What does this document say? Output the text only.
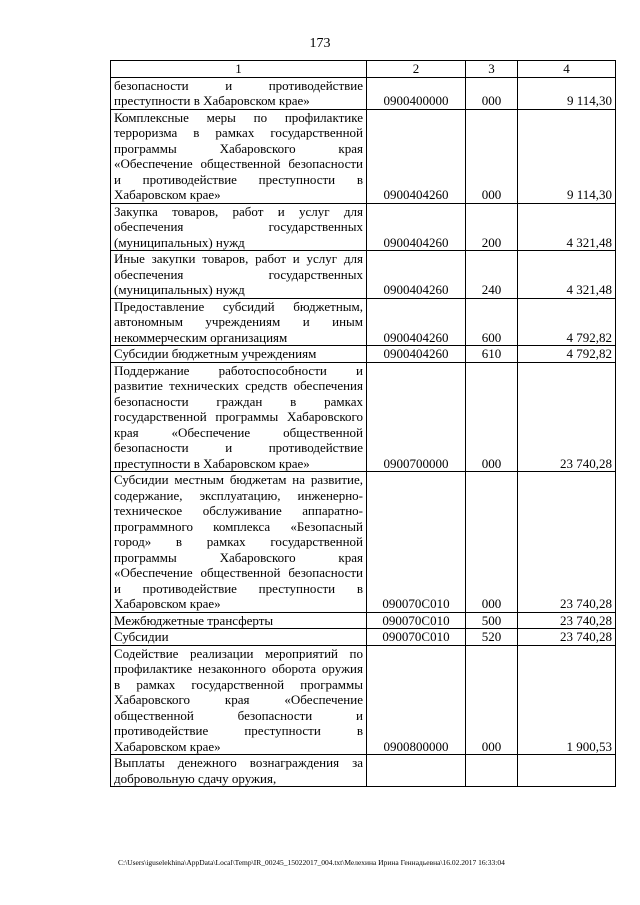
173
1	2	3	4
безопасности и противодействие преступности в Хабаровском крае»	0900400000	000	9 114,30
Комплексные меры по профилактике терроризма в рамках государственной программы Хабаровского края «Обеспечение общественной безопасности и противодействие преступности в Хабаровском крае»	0900404260	000	9 114,30
Закупка товаров, работ и услуг для обеспечения государственных (муниципальных) нужд	0900404260	200	4 321,48
Иные закупки товаров, работ и услуг для обеспечения государственных (муниципальных) нужд	0900404260	240	4 321,48
Предоставление субсидий бюджетным, автономным учреждениям и иным некоммерческим организациям	0900404260	600	4 792,82
Субсидии бюджетным учреждениям	0900404260	610	4 792,82
Поддержание работоспособности и развитие технических средств обеспечения безопасности граждан в рамках государственной программы Хабаровского края «Обеспечение общественной безопасности и противодействие преступности в Хабаровском крае»	0900700000	000	23 740,28
Субсидии местным бюджетам на развитие, содержание, эксплуатацию, инженерно-техническое обслуживание аппаратно-программного комплекса «Безопасный город» в рамках государственной программы Хабаровского края «Обеспечение общественной безопасности и противодействие преступности в Хабаровском крае»	090070С010	000	23 740,28
Межбюджетные трансферты	090070С010	500	23 740,28
Субсидии	090070С010	520	23 740,28
Содействие реализации мероприятий по профилактике незаконного оборота оружия в рамках государственной программы Хабаровского края «Обеспечение общественной безопасности и противодействие преступности в Хабаровском крае»	0900800000	000	1 900,53
Выплаты денежного вознаграждения за добровольную сдачу оружия,			
C:\Users\iguselekhina\AppData\Local\Temp\IR_00245_15022017_004.txt\Мелехина Ирина Геннадьевна\16.02.2017 16:33:04
